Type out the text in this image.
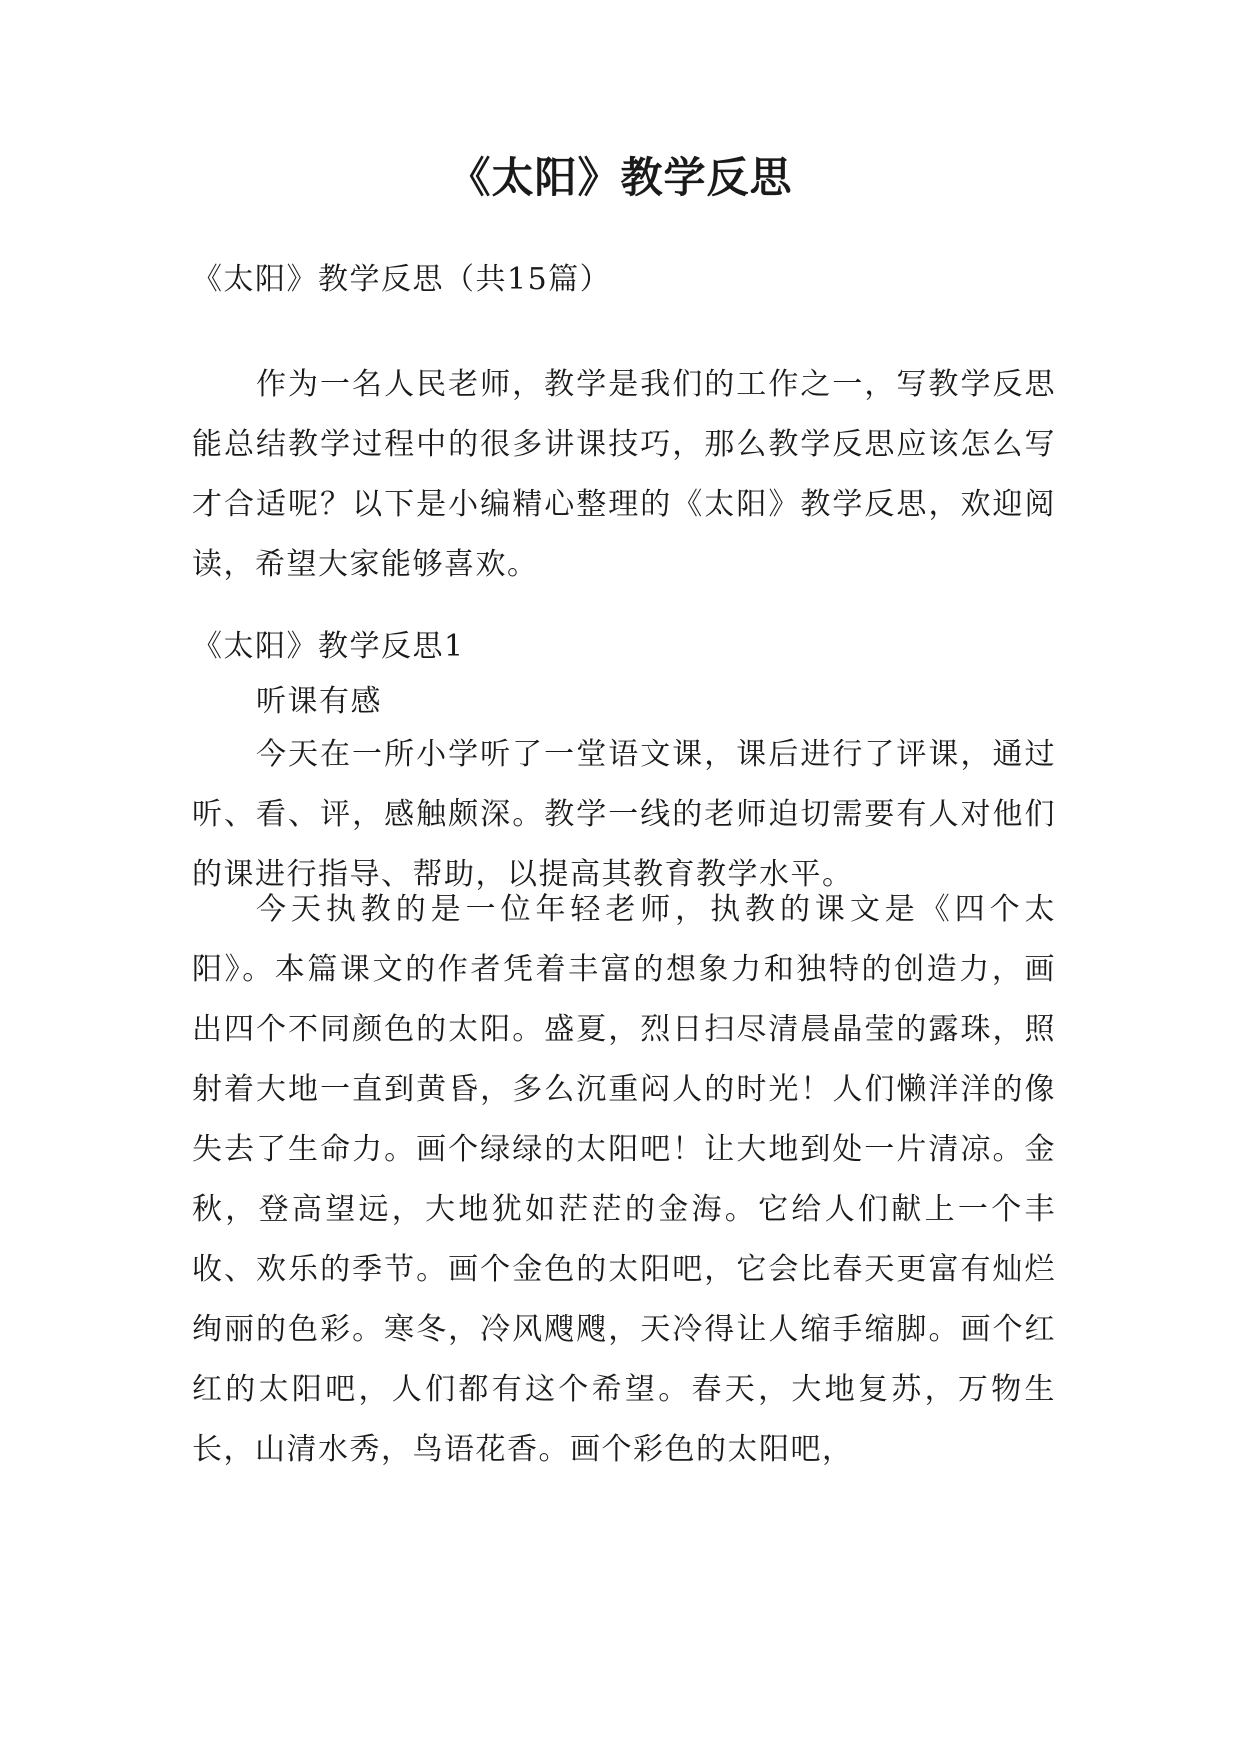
《太阳》教学反思

《太阳》教学反思（共15篇）

作为一名人民老师，教学是我们的工作之一，写教学反思能总结教学过程中的很多讲课技巧，那么教学反思应该怎么写才合适呢？以下是小编精心整理的《太阳》教学反思，欢迎阅读，希望大家能够喜欢。

《太阳》教学反思1

听课有感

今天在一所小学听了一堂语文课，课后进行了评课，通过听、看、评，感触颇深。教学一线的老师迫切需要有人对他们的课进行指导、帮助，以提高其教育教学水平。

今天执教的是一位年轻老师，执教的课文是《四个太阳》。本篇课文的作者凭着丰富的想象力和独特的创造力，画出四个不同颜色的太阳。盛夏，烈日扫尽清晨晶莹的露珠，照射着大地一直到黄昏，多么沉重闷人的时光！人们懒洋洋的像失去了生命力。画个绿绿的太阳吧！让大地到处一片清凉。金秋，登高望远，大地犹如茫茫的金海。它给人们献上一个丰收、欢乐的季节。画个金色的太阳吧，它会比春天更富有灿烂绚丽的色彩。寒冬，冷风飕飕，天冷得让人缩手缩脚。画个红红的太阳吧，人们都有这个希望。春天，大地复苏，万物生长，山清水秀，鸟语花香。画个彩色的太阳吧，
